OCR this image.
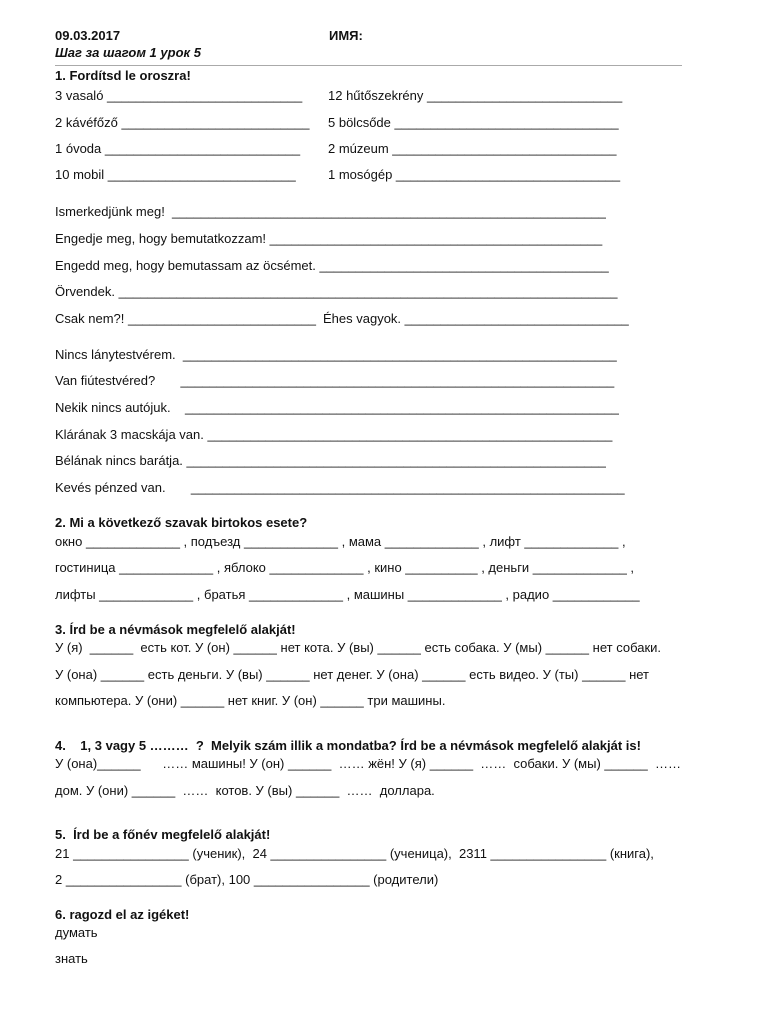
09.03.2017	ИМЯ:
Шаг за шагом 1 урок 5
1. Fordítsd le oroszra!
3 vasaló ___________________________ 12 hűtőszekrény ___________________________
2 kávéfőző __________________________ 5 bölcsőde _______________________________
1 óvoda ___________________________ 2 múzeum _______________________________
10 mobil __________________________ 1 mosógép _______________________________
Ismerkedjünk meg!  ____________________________________________________________
Engedje meg, hogy bemutatkozzam! ______________________________________________
Engedd meg, hogy bemutassam az öcsémet. ________________________________________
Örvendek. _____________________________________________________________________
Csak nem?! __________________________ Éhes vagyok. _______________________________
Nincs lánytestvérem.  ____________________________________________________________
Van fiútestvéred?       ____________________________________________________________
Nekik nincs autójuk.    ____________________________________________________________
Klárának 3 macskája van. ________________________________________________________
Bélának nincs barátja. __________________________________________________________
Kevés pénzed van.       ____________________________________________________________
2. Mi a következő szavak birtokos esete?
окно _____________ , подъезд _____________ , мама _____________ , лифт _____________ ,
гостиница _____________ , яблоко _____________ , кино __________ , деньги _____________ ,
лифты _____________ , братья _____________ , машины _____________ , радио ____________
3. Írd be a névmások megfelelő alakját!
У (я)  ______  есть кот. У (он) ______ нет кота. У (вы) ______ есть собака. У (мы) ______ нет собаки.
У (она) ______ есть деньги. У (вы) ______ нет денег. У (она) ______ есть видео. У (ты) ______ нет
компьютера. У (они) ______ нет книг. У (он) ______ три машины.
4.    1, 3 vagy 5 ………  ?  Melyik szám illik a mondatba? Írd be a névmások megfelelő alakját is!
У (она)______      …… машины! У (он) ______  …… жён! У (я) ______  ……  собаки. У (мы) ______  ……
дом. У (они) ______  ……  котов. У (вы) ______  ……  доллара.
5.  Írd be a főnév megfelelő alakját!
21 ________________ (ученик),  24 ________________ (ученица),  2311 ________________ (книга),
2 ________________ (брат), 100 ________________ (родители)
6. ragozd el az igéket!
думать
знать
